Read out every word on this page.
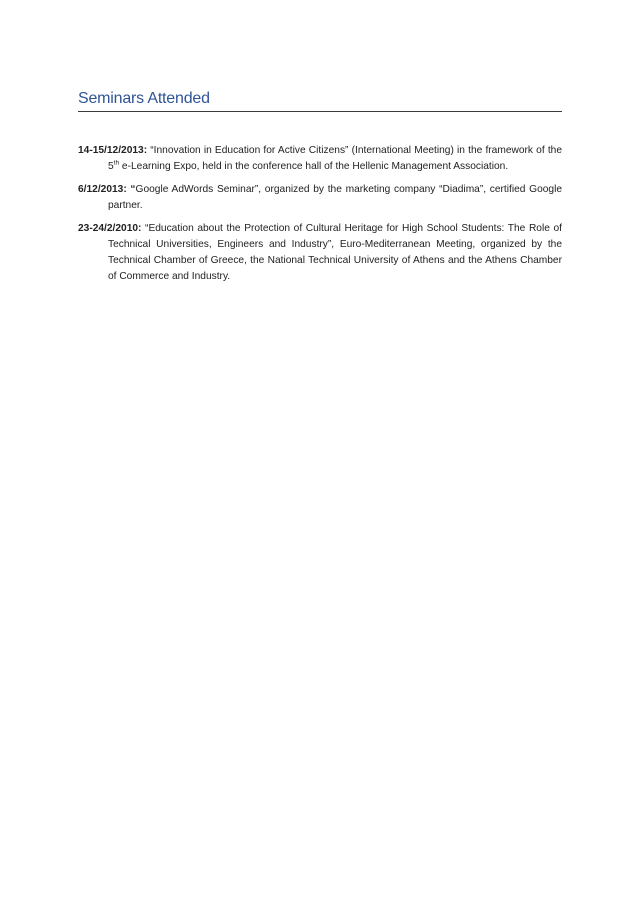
Seminars Attended

14-15/12/2013: “Innovation in Education for Active Citizens” (International Meeting) in the framework of the 5th e-Learning Expo, held in the conference hall of the Hellenic Management Association.

6/12/2013: “Google AdWords Seminar”, organized by the marketing company “Diadima”, certified Google partner.

23-24/2/2010: “Education about the Protection of Cultural Heritage for High School Students: The Role of Technical Universities, Engineers and Industry”, Euro-Mediterranean Meeting, organized by the Technical Chamber of Greece, the National Technical University of Athens and the Athens Chamber of Commerce and Industry.
